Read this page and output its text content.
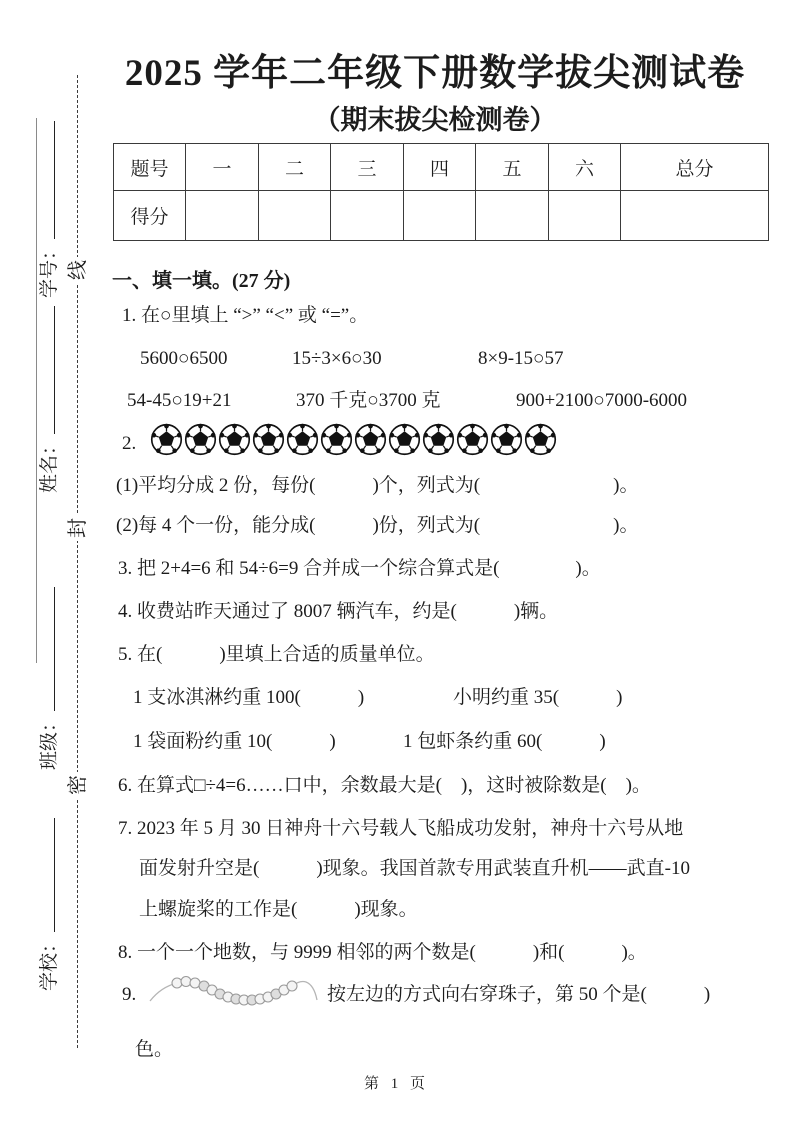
学号：
姓名：
班级：
学校：
线
封
密
2025 学年二年级下册数学拔尖测试卷
（期末拔尖检测卷）
题号	一	二	三	四	五	六	总分
得分							
一、填一填。(27 分)
1. 在○里填上 “>” “<” 或 “=”。
5600○6500	15÷3×6○30	8×9-15○57
54-45○19+21	370 千克○3700 克	900+2100○7000-6000
2.
(1)平均分成 2 份，每份(　　　)个，列式为(　　　　　　　)。
(2)每 4 个一份，能分成(　　　)份，列式为(　　　　　　　)。
3. 把 2+4=6 和 54÷6=9 合并成一个综合算式是(　　　　)。
4. 收费站昨天通过了 8007 辆汽车，约是(　　　)辆。
5. 在(　　　)里填上合适的质量单位。
1 支冰淇淋约重 100(　　　)	小明约重 35(　　　)
1 袋面粉约重 10(　　　)	1 包虾条约重 60(　　　)
6. 在算式□÷4=6……口中，余数最大是(　)，这时被除数是(　)。
7. 2023 年 5 月 30 日神舟十六号载人飞船成功发射，神舟十六号从地
面发射升空是(　　　)现象。我国首款专用武装直升机——武直-10
上螺旋桨的工作是(　　　)现象。
8. 一个一个地数，与 9999 相邻的两个数是(　　　)和(　　　)。
9.	按左边的方式向右穿珠子，第 50 个是(　　　)
色。
第 1 页
